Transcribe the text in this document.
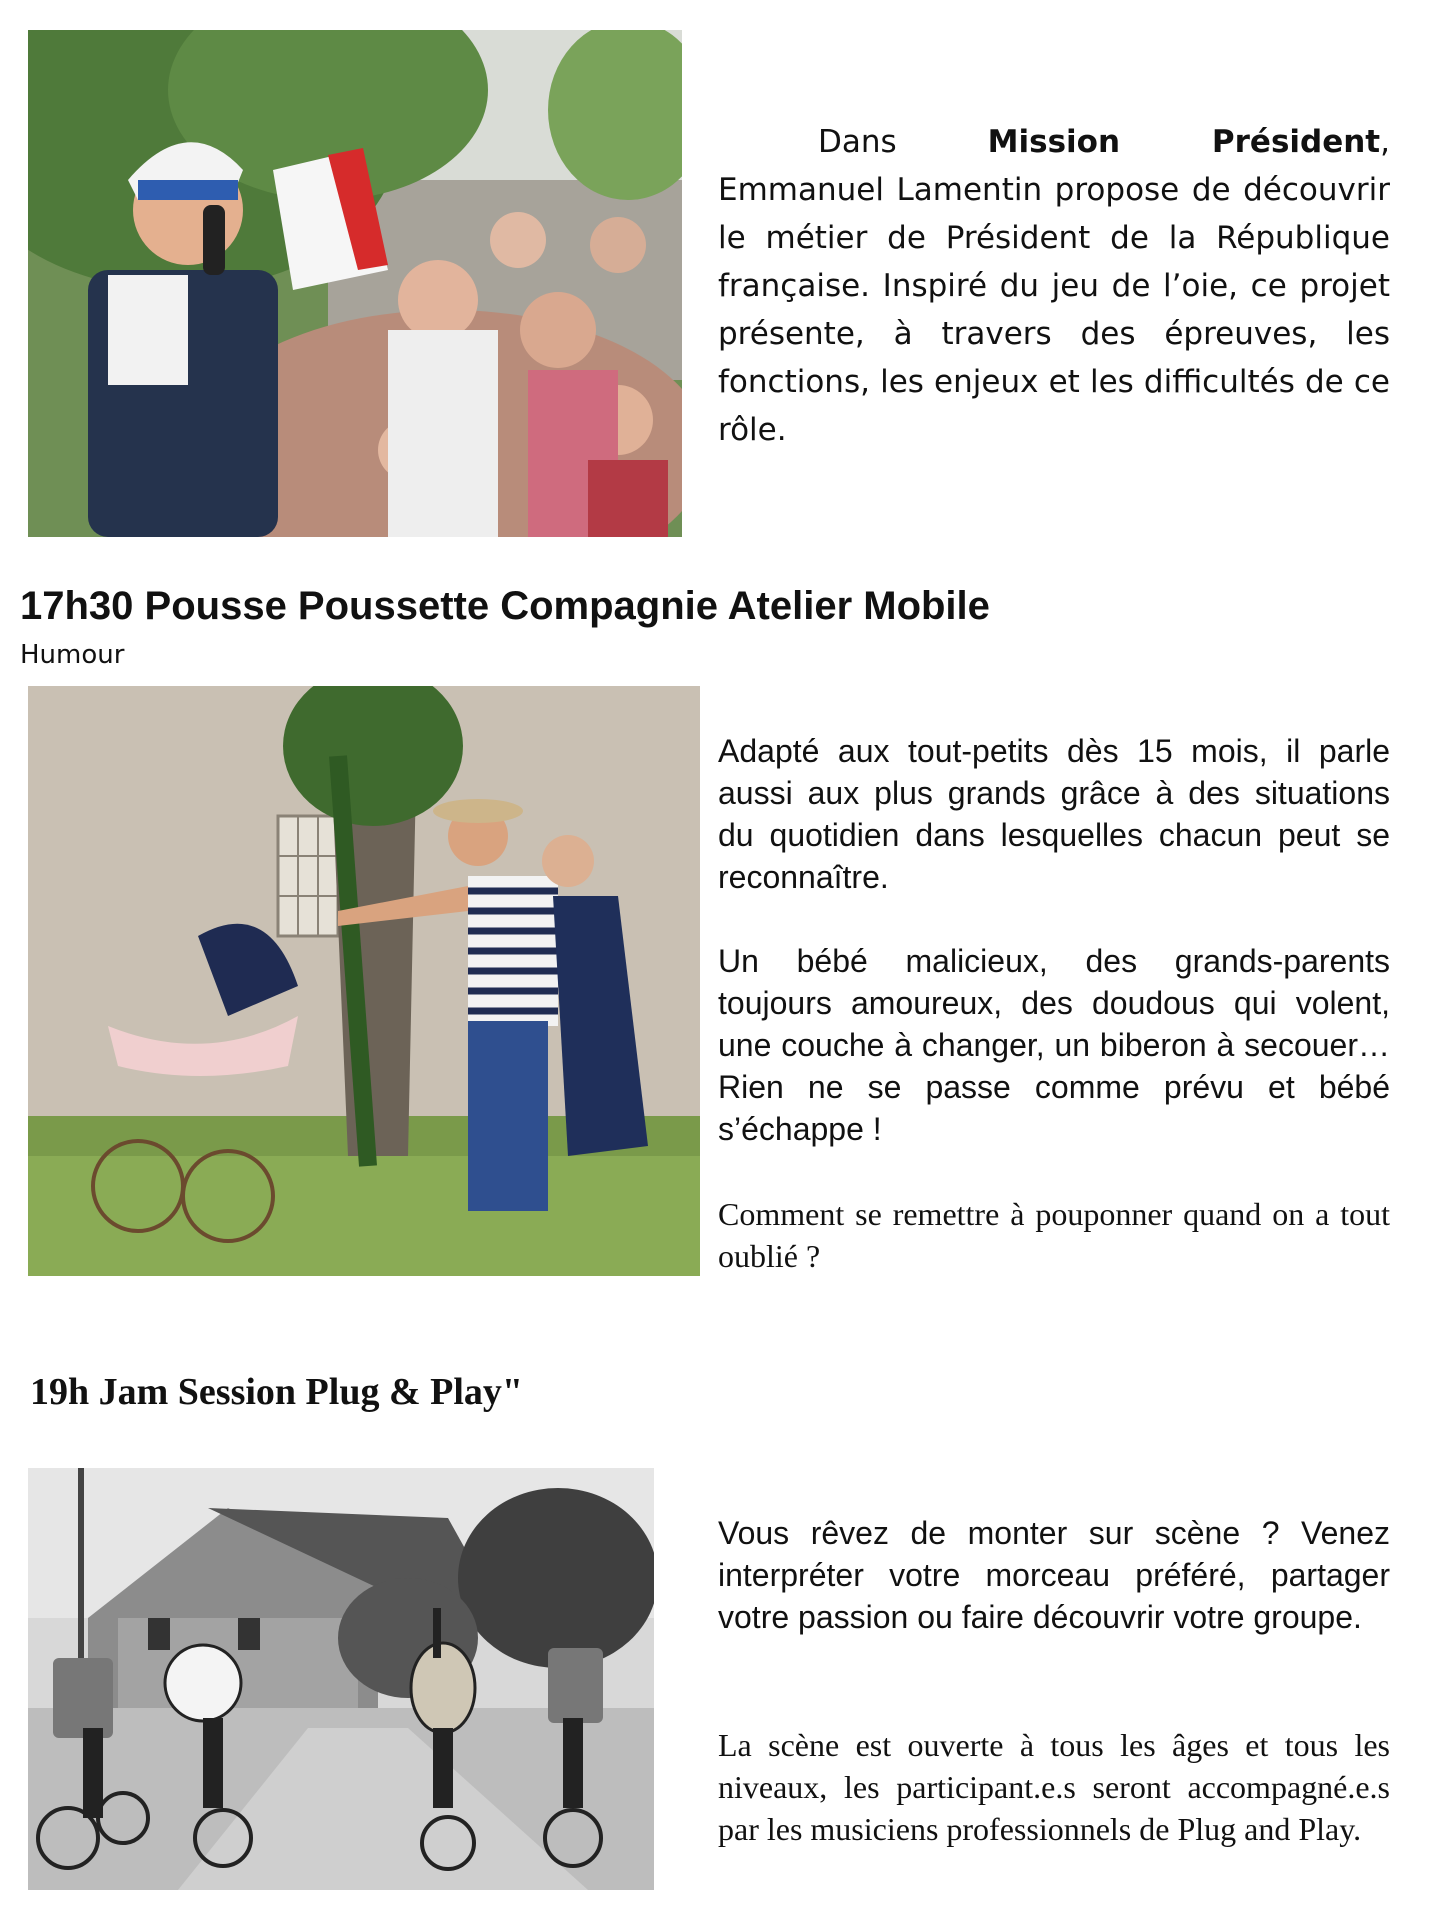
Dans Mission Président, Emmanuel Lamentin propose de découvrir le métier de Président de la République française. Inspiré du jeu de l’oie, ce projet présente, à travers des épreuves, les fonctions, les enjeux et les difficultés de ce rôle.
17h30 Pousse Poussette Compagnie Atelier Mobile
Humour
Adapté aux tout-petits dès 15 mois, il parle aussi aux plus grands grâce à des situations du quotidien dans lesquelles chacun peut se reconnaître.
Un bébé malicieux, des grands-parents toujours amoureux, des doudous qui volent, une couche à changer, un biberon à secouer… Rien ne se passe comme prévu et bébé s’échappe !
Comment se remettre à pouponner quand on a tout oublié ?
19h Jam Session Plug & Play"
Vous rêvez de monter sur scène ? Venez interpréter votre morceau préféré, partager votre passion ou faire découvrir votre groupe.
La scène est ouverte à tous les âges et tous les niveaux, les participant.e.s seront accompagné.e.s par les musiciens professionnels de Plug and Play.
